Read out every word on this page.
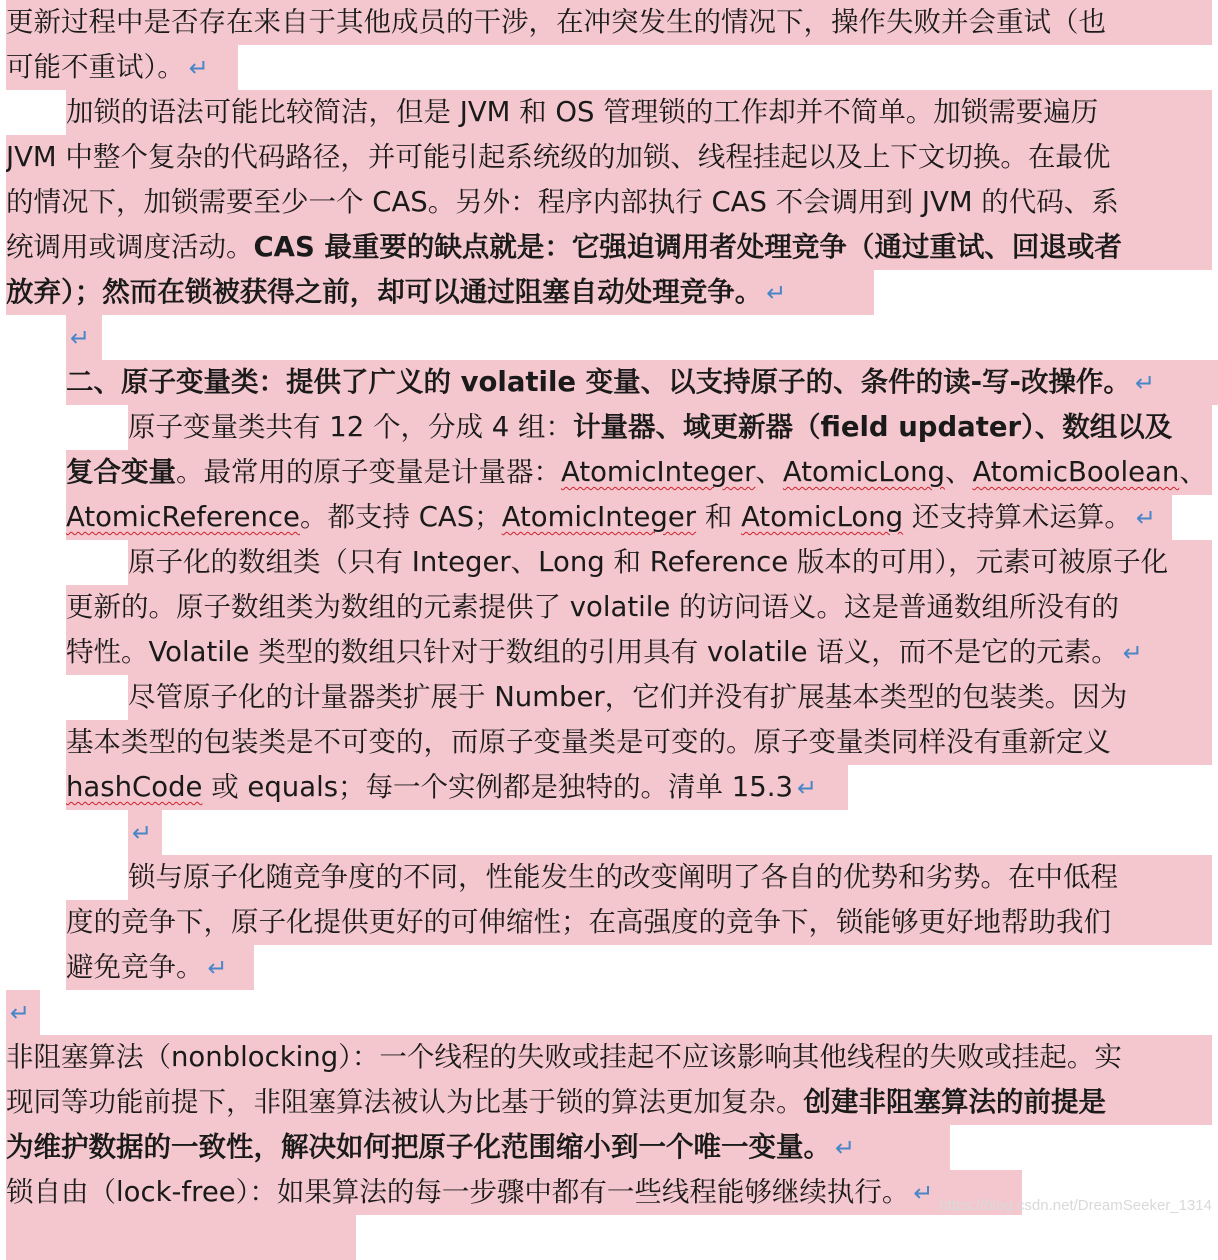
更新过程中是否存在来自于其他成员的干涉，在冲突发生的情况下，操作失败并会重试（也
可能不重试）。 ↵
加锁的语法可能比较简洁，但是 JVM 和 OS 管理锁的工作却并不简单。加锁需要遍历
JVM 中整个复杂的代码路径，并可能引起系统级的加锁、线程挂起以及上下文切换。在最优
的情况下，加锁需要至少一个 CAS。另外：程序内部执行 CAS 不会调用到 JVM 的代码、系
统调用或调度活动。CAS 最重要的缺点就是：它强迫调用者处理竞争（通过重试、回退或者
放弃）；然而在锁被获得之前，却可以通过阻塞自动处理竞争。 ↵
↵
二、原子变量类：提供了广义的 volatile 变量、以支持原子的、条件的读-写-改操作。 ↵
原子变量类共有 12 个，分成 4 组：计量器、域更新器（field updater）、数组以及
复合变量。最常用的原子变量是计量器：AtomicInteger、AtomicLong、AtomicBoolean、
AtomicReference。都支持 CAS；AtomicInteger 和 AtomicLong 还支持算术运算。 ↵
原子化的数组类（只有 Integer、Long 和 Reference 版本的可用），元素可被原子化
更新的。原子数组类为数组的元素提供了 volatile 的访问语义。这是普通数组所没有的
特性。Volatile 类型的数组只针对于数组的引用具有 volatile 语义，而不是它的元素。 ↵
尽管原子化的计量器类扩展于 Number，它们并没有扩展基本类型的包装类。因为
基本类型的包装类是不可变的，而原子变量类是可变的。原子变量类同样没有重新定义
hashCode 或 equals；每一个实例都是独特的。清单 15.3 ↵
↵
锁与原子化随竞争度的不同，性能发生的改变阐明了各自的优势和劣势。在中低程
度的竞争下，原子化提供更好的可伸缩性；在高强度的竞争下，锁能够更好地帮助我们
避免竞争。 ↵
↵
非阻塞算法（nonblocking）：一个线程的失败或挂起不应该影响其他线程的失败或挂起。实
现同等功能前提下，非阻塞算法被认为比基于锁的算法更加复杂。创建非阻塞算法的前提是
为维护数据的一致性，解决如何把原子化范围缩小到一个唯一变量。 ↵
锁自由（lock-free）：如果算法的每一步骤中都有一些线程能够继续执行。 ↵ https://blog.csdn.net/DreamSeeker_1314
